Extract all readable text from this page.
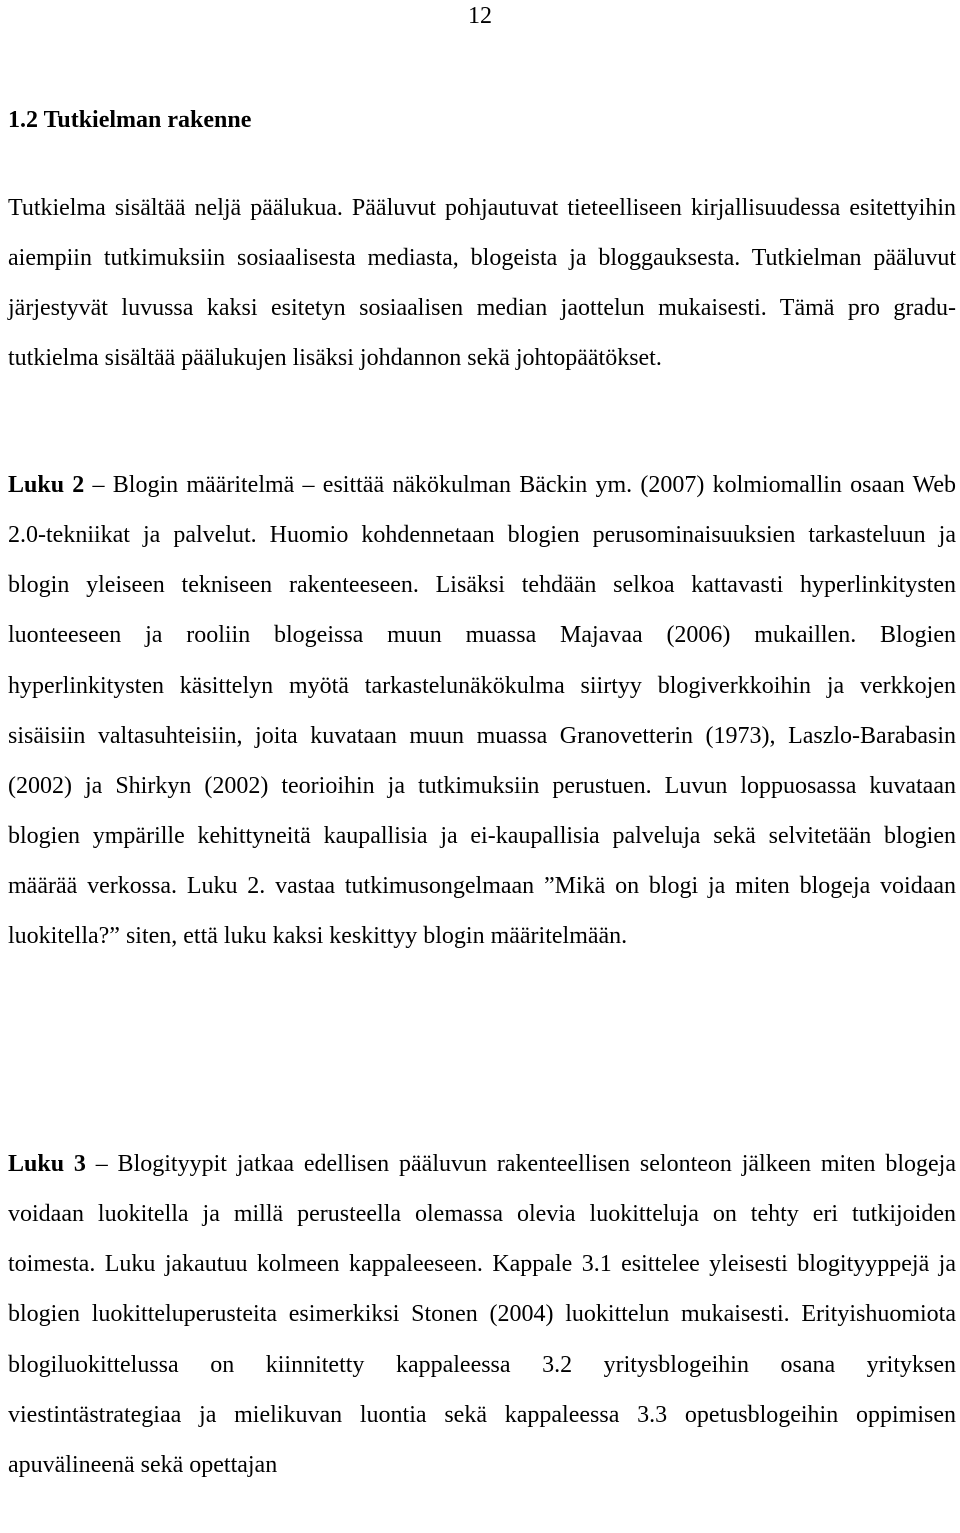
12
1.2 Tutkielman rakenne

Tutkielma sisältää neljä päälukua. Pääluvut pohjautuvat tieteelliseen kirjallisuudessa esitettyihin aiempiin tutkimuksiin sosiaalisesta mediasta, blogeista ja bloggauksesta. Tutkielman pääluvut järjestyvät luvussa kaksi esitetyn sosiaalisen median jaottelun mukaisesti. Tämä pro gradu-tutkielma sisältää päälukujen lisäksi johdannon sekä johtopäätökset.

Luku 2 – Blogin määritelmä – esittää näkökulman Bäckin ym. (2007) kolmiomallin osaan Web 2.0-tekniikat ja palvelut. Huomio kohdennetaan blogien perusominaisuuksien tarkasteluun ja blogin yleiseen tekniseen rakenteeseen. Lisäksi tehdään selkoa kattavasti hyperlinkitysten luonteeseen ja rooliin blogeissa muun muassa Majavaa (2006) mukaillen. Blogien hyperlinkitysten käsittelyn myötä tarkastelunäkökulma siirtyy blogiverkkoihin ja verkkojen sisäisiin valtasuhteisiin, joita kuvataan muun muassa Granovetterin (1973), Laszlo-Barabasin (2002) ja Shirkyn (2002) teorioihin ja tutkimuksiin perustuen. Luvun loppuosassa kuvataan blogien ympärille kehittyneitä kaupallisia ja ei-kaupallisia palveluja sekä selvitetään blogien määrää verkossa. Luku 2. vastaa tutkimusongelmaan ”Mikä on blogi ja miten blogeja voidaan luokitella?” siten, että luku kaksi keskittyy blogin määritelmään.

Luku 3 – Blogityypit jatkaa edellisen pääluvun rakenteellisen selonteon jälkeen miten blogeja voidaan luokitella ja millä perusteella olemassa olevia luokitteluja on tehty eri tutkijoiden toimesta. Luku jakautuu kolmeen kappaleeseen. Kappale 3.1 esittelee yleisesti blogityyppejä ja blogien luokitteluperusteita esimerkiksi Stonen (2004) luokittelun mukaisesti. Erityishuomiota blogiluokittelussa on kiinnitetty kappaleessa 3.2 yritysblogeihin osana yrityksen viestintästrategiaa ja mielikuvan luontia sekä kappaleessa 3.3 opetusblogeihin oppimisen apuvälineenä sekä opettajan
